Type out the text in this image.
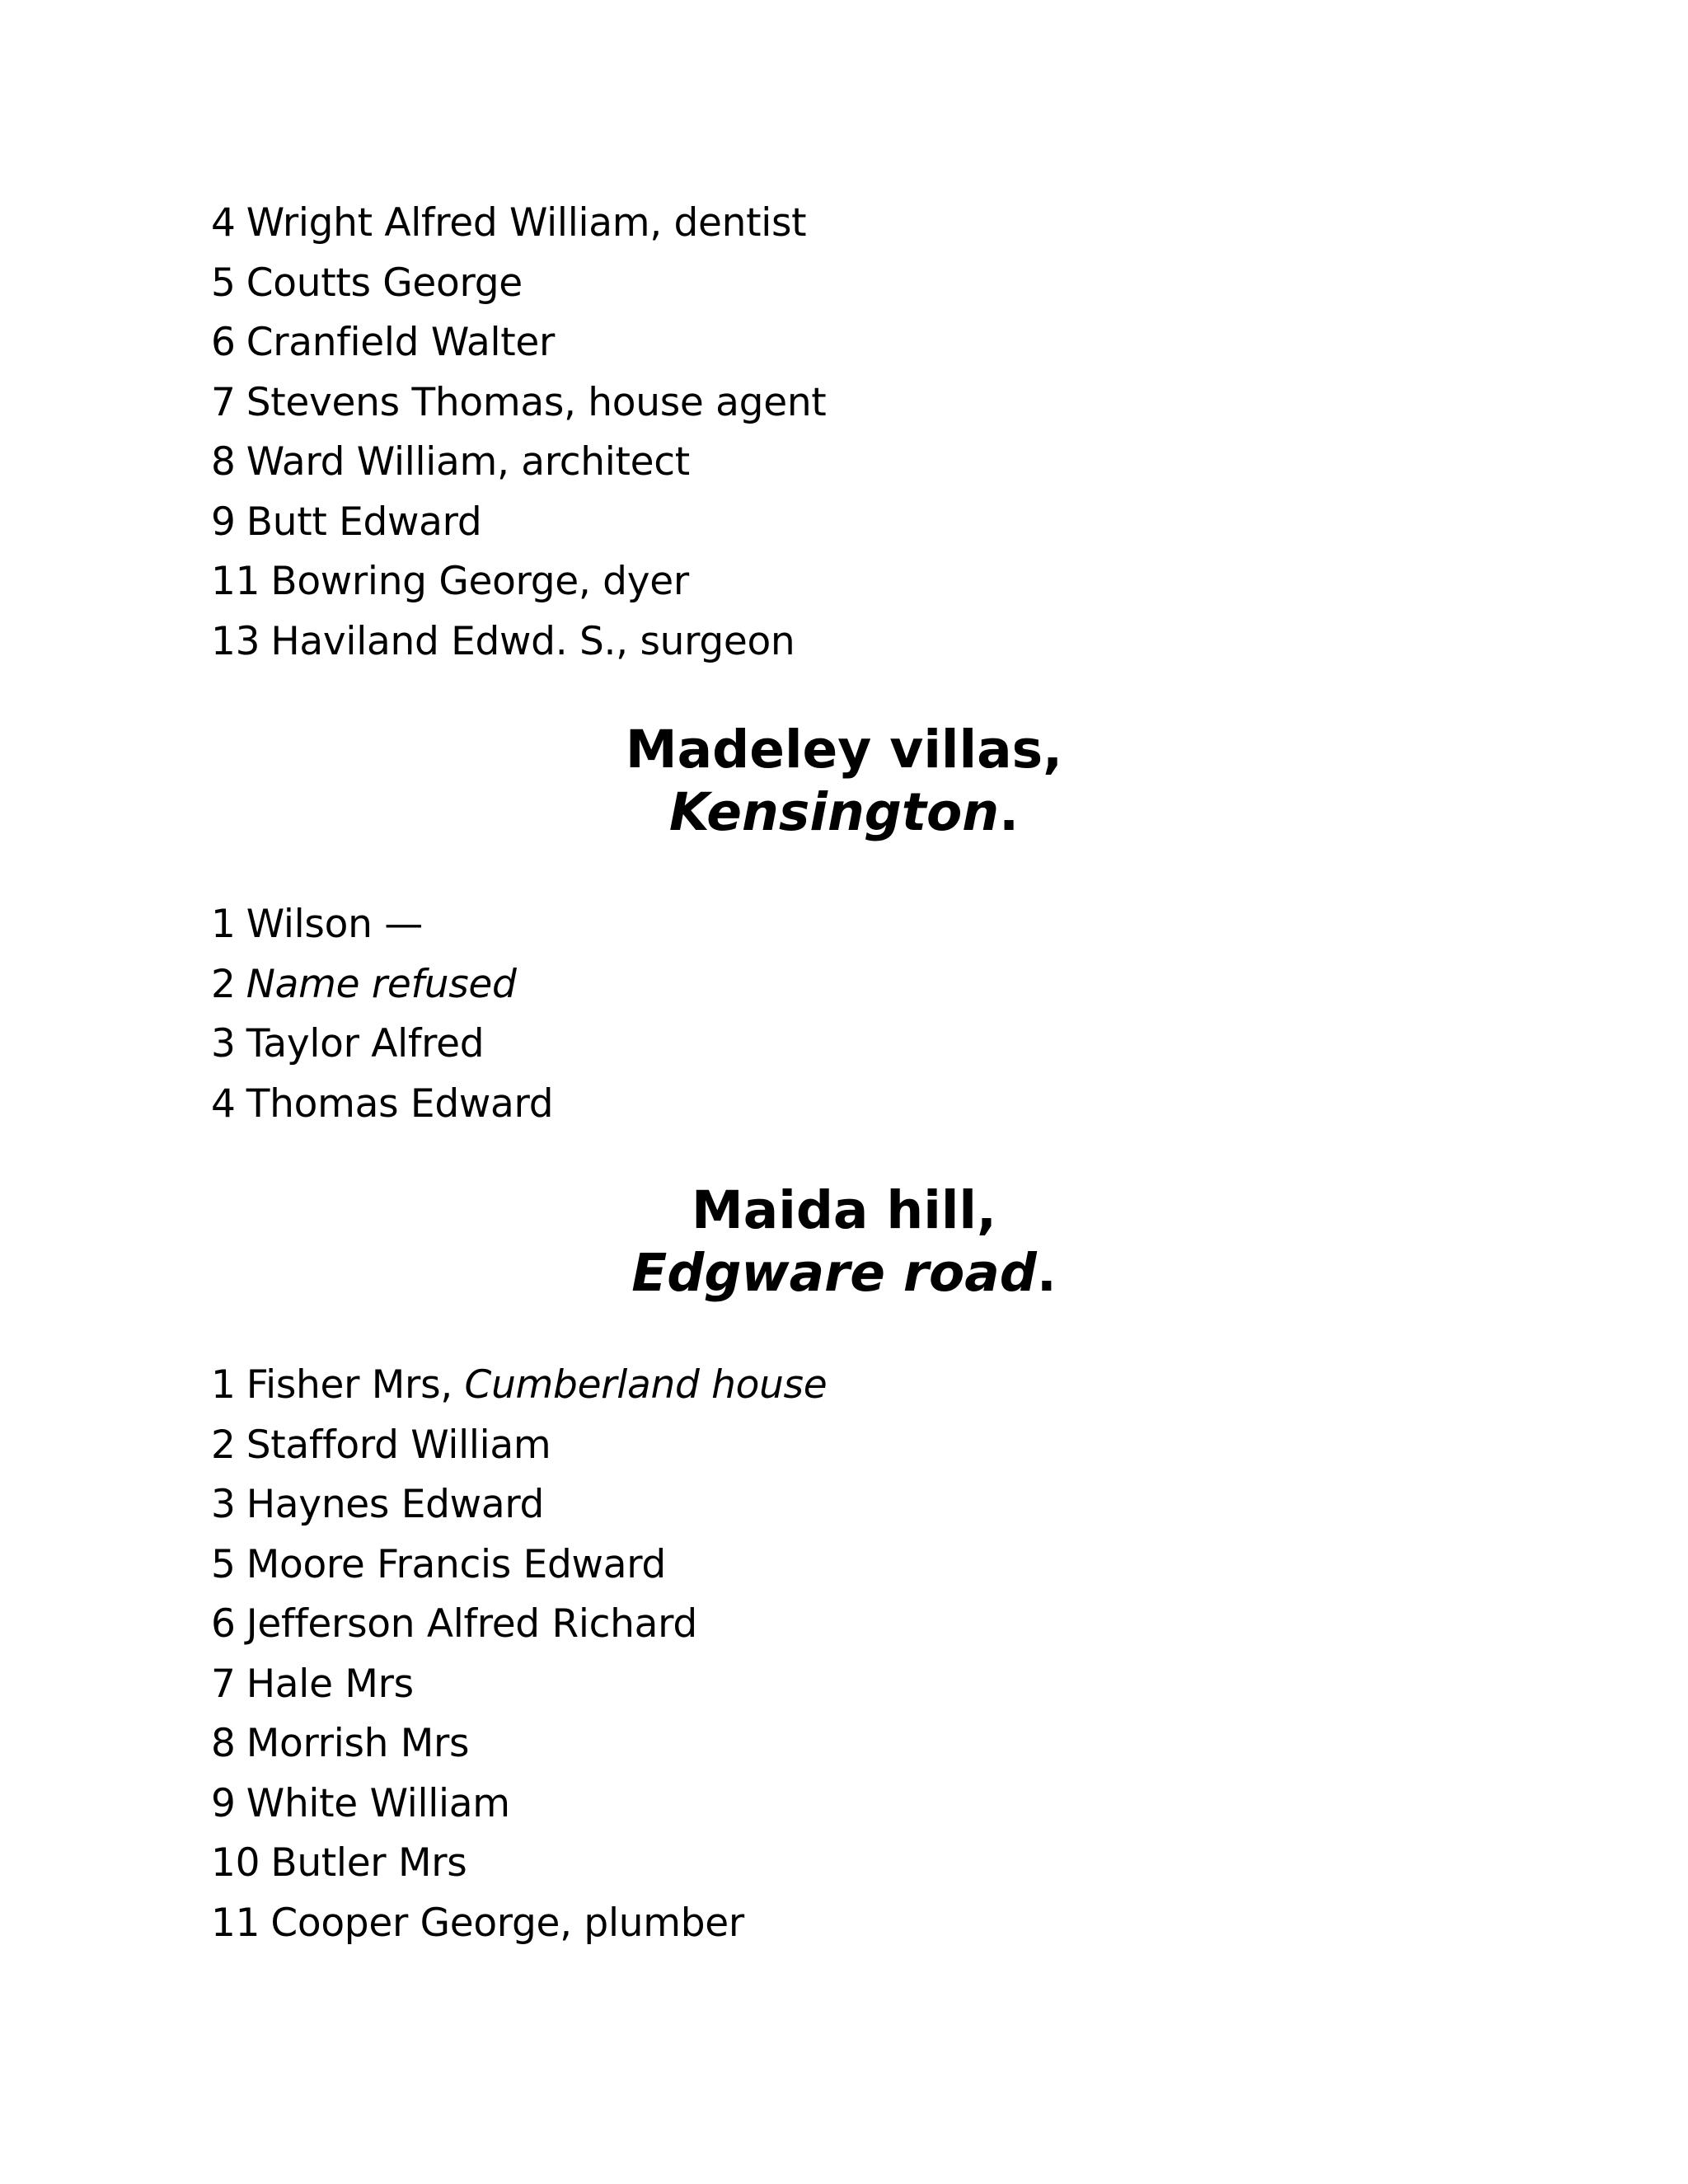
4 Wright Alfred William, dentist
5 Coutts George
6 Cranfield Walter
7 Stevens Thomas, house agent
8 Ward William, architect
9 Butt Edward
11 Bowring George, dyer
13 Haviland Edwd. S., surgeon
Madeley villas,
Kensington.
1 Wilson —
2 Name refused
3 Taylor Alfred
4 Thomas Edward
Maida hill,
Edgware road.
1 Fisher Mrs, Cumberland house
2 Stafford William
3 Haynes Edward
5 Moore Francis Edward
6 Jefferson Alfred Richard
7 Hale Mrs
8 Morrish Mrs
9 White William
10 Butler Mrs
11 Cooper George, plumber
